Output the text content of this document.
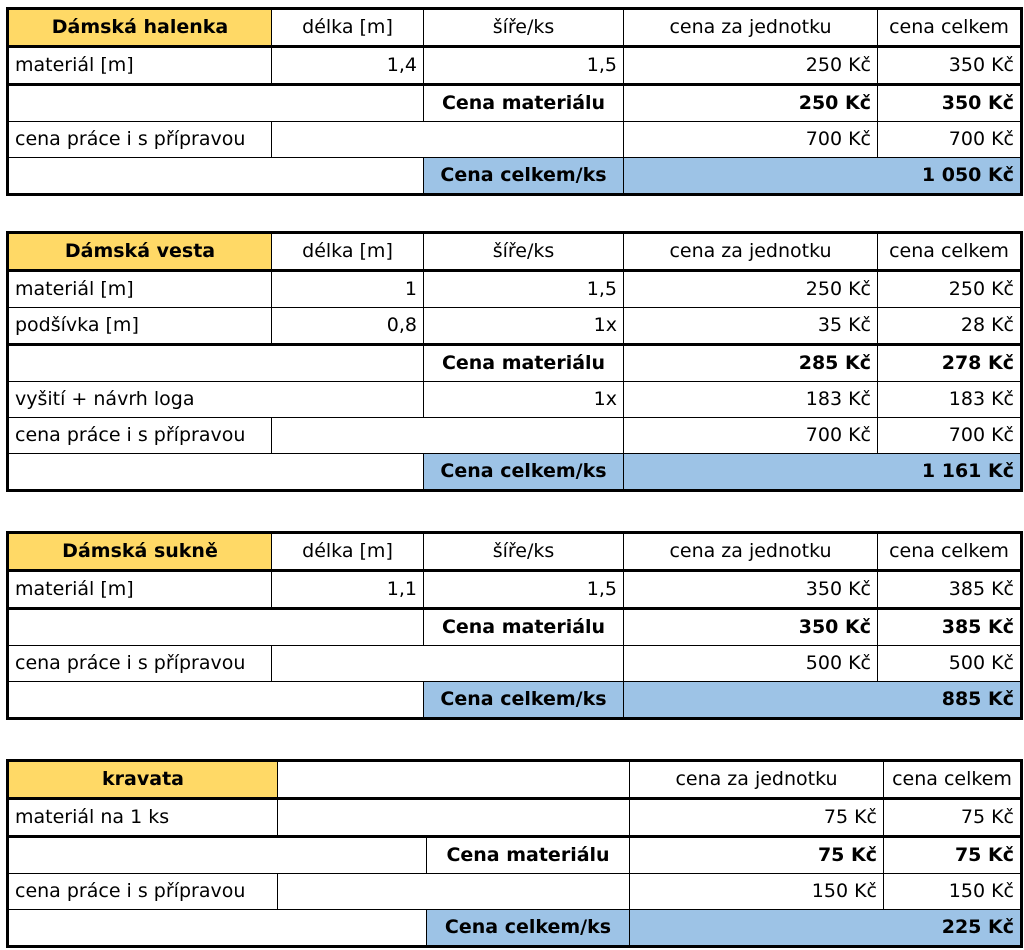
Dámská halenka	délka [m]	šíře/ks	cena za jednotku	cena celkem
materiál [m]	1,4	1,5	250 Kč	350 Kč
		Cena materiálu	250 Kč	350 Kč
cena práce i s přípravou			700 Kč	700 Kč
		Cena celkem/ks	1 050 Kč	
Dámská vesta	délka [m]	šíře/ks	cena za jednotku	cena celkem
materiál [m]	1	1,5	250 Kč	250 Kč
podšívka [m]	0,8	1x	35 Kč	28 Kč
		Cena materiálu	285 Kč	278 Kč
vyšití + návrh loga		1x	183 Kč	183 Kč
cena práce i s přípravou			700 Kč	700 Kč
		Cena celkem/ks	1 161 Kč	
Dámská sukně	délka [m]	šíře/ks	cena za jednotku	cena celkem
materiál [m]	1,1	1,5	350 Kč	385 Kč
		Cena materiálu	350 Kč	385 Kč
cena práce i s přípravou			500 Kč	500 Kč
		Cena celkem/ks	885 Kč	
kravata			cena za jednotku	cena celkem
materiál na 1 ks			75 Kč	75 Kč
		Cena materiálu	75 Kč	75 Kč
cena práce i s přípravou			150 Kč	150 Kč
		Cena celkem/ks	225 Kč	
